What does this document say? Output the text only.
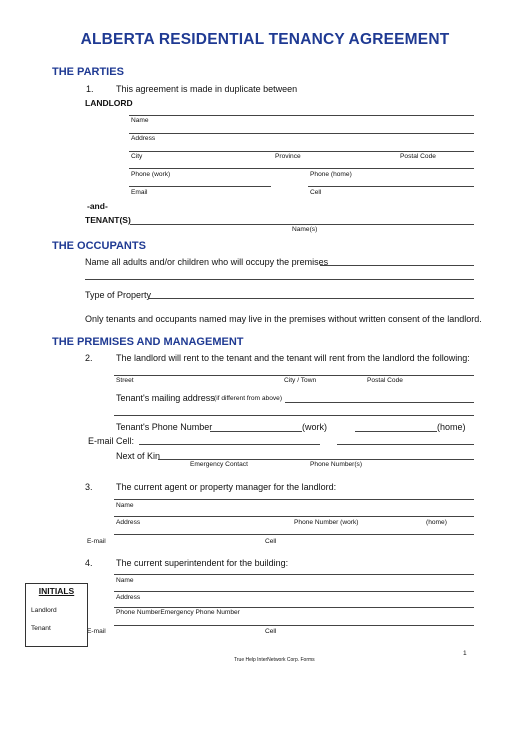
ALBERTA RESIDENTIAL TENANCY AGREEMENT
THE PARTIES
1. This agreement is made in duplicate between
LANDLORD
Name
Address
City	Province	Postal Code
Phone (work)	Phone (home)
Email	Cell
-and-
TENANT(S)
Name(s)
THE OCCUPANTS
Name all adults and/or children who will occupy the premises
Type of Property
Only tenants and occupants named may live in the premises without written consent of the landlord.
THE PREMISES AND MANAGEMENT
2.	The landlord will rent to the tenant and the tenant will rent from the landlord the following:
Street	City / Town	Postal Code
Tenant's mailing address (if different from above)
Tenant's Phone Number	(work)	(home)
E-mail Cell:
Next of Kin
Emergency Contact	Phone Number(s)
3.	The current agent or property manager for the landlord:
Name
Address	Phone Number (work)	(home)
E-mail	Cell
4.	The current superintendent for the building:
Name
Address
Phone NumberEmergency Phone Number
E-mail	Cell
INITIALS
Landlord
Tenant
1
True Help InterNetwork Corp. Forms
